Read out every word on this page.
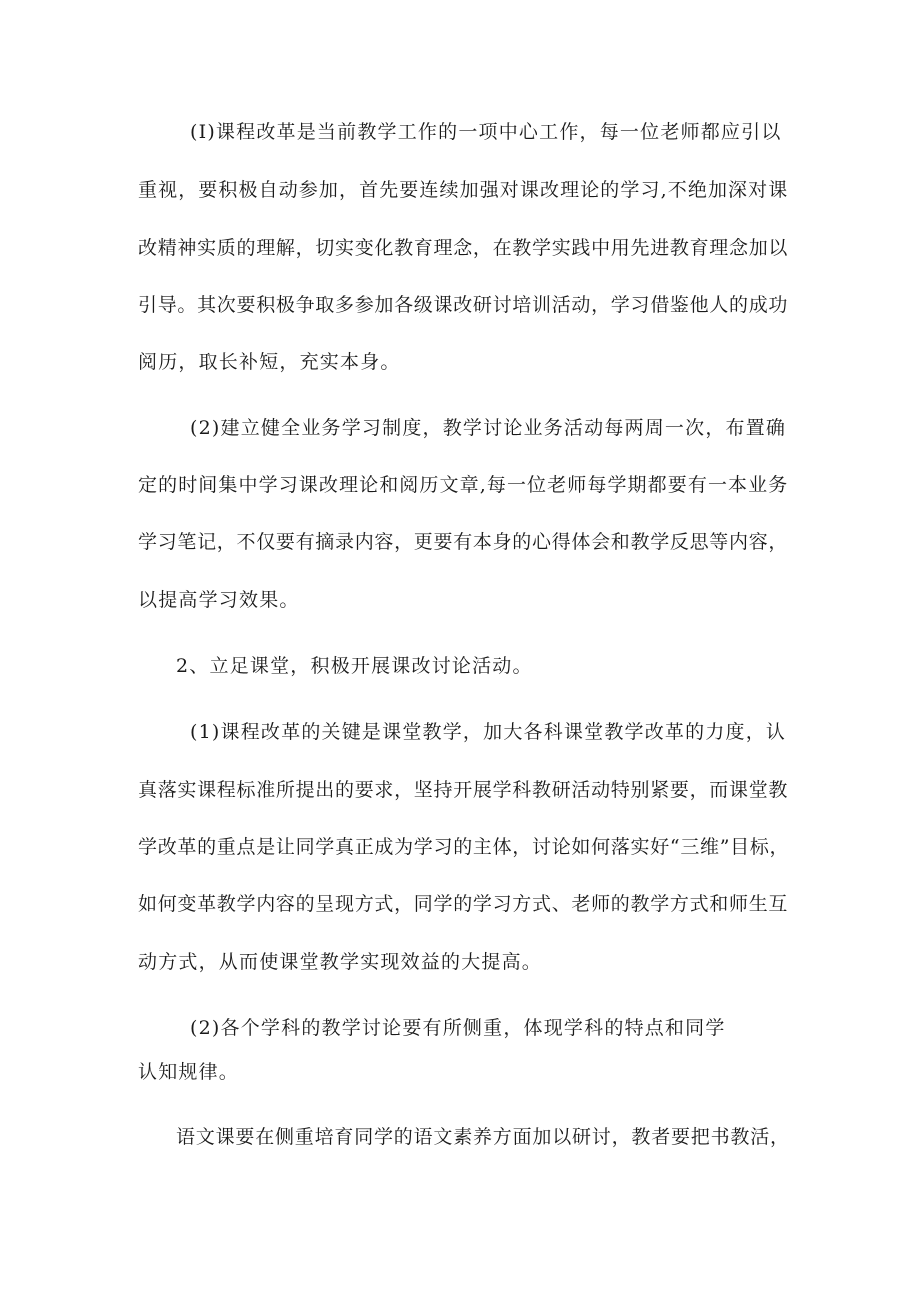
(I)课程改革是当前教学工作的一项中心工作，每一位老师都应引以
重视，要积极自动参加，首先要连续加强对课改理论的学习,不绝加深对课
改精神实质的理解，切实变化教育理念，在教学实践中用先进教育理念加以
引导。其次要积极争取多参加各级课改研讨培训活动，学习借鉴他人的成功
阅历，取长补短，充实本身。
(2)建立健全业务学习制度，教学讨论业务活动每两周一次，布置确
定的时间集中学习课改理论和阅历文章,每一位老师每学期都要有一本业务
学习笔记，不仅要有摘录内容，更要有本身的心得体会和教学反思等内容，
以提高学习效果。
2、立足课堂，积极开展课改讨论活动。
(1)课程改革的关键是课堂教学，加大各科课堂教学改革的力度，认
真落实课程标准所提出的要求，坚持开展学科教研活动特别紧要，而课堂教
学改革的重点是让同学真正成为学习的主体，讨论如何落实好“三维”目标，
如何变革教学内容的呈现方式，同学的学习方式、老师的教学方式和师生互
动方式，从而使课堂教学实现效益的大提高。
(2)各个学科的教学讨论要有所侧重，体现学科的特点和同学
认知规律。
语文课要在侧重培育同学的语文素养方面加以研讨，教者要把书教活，
